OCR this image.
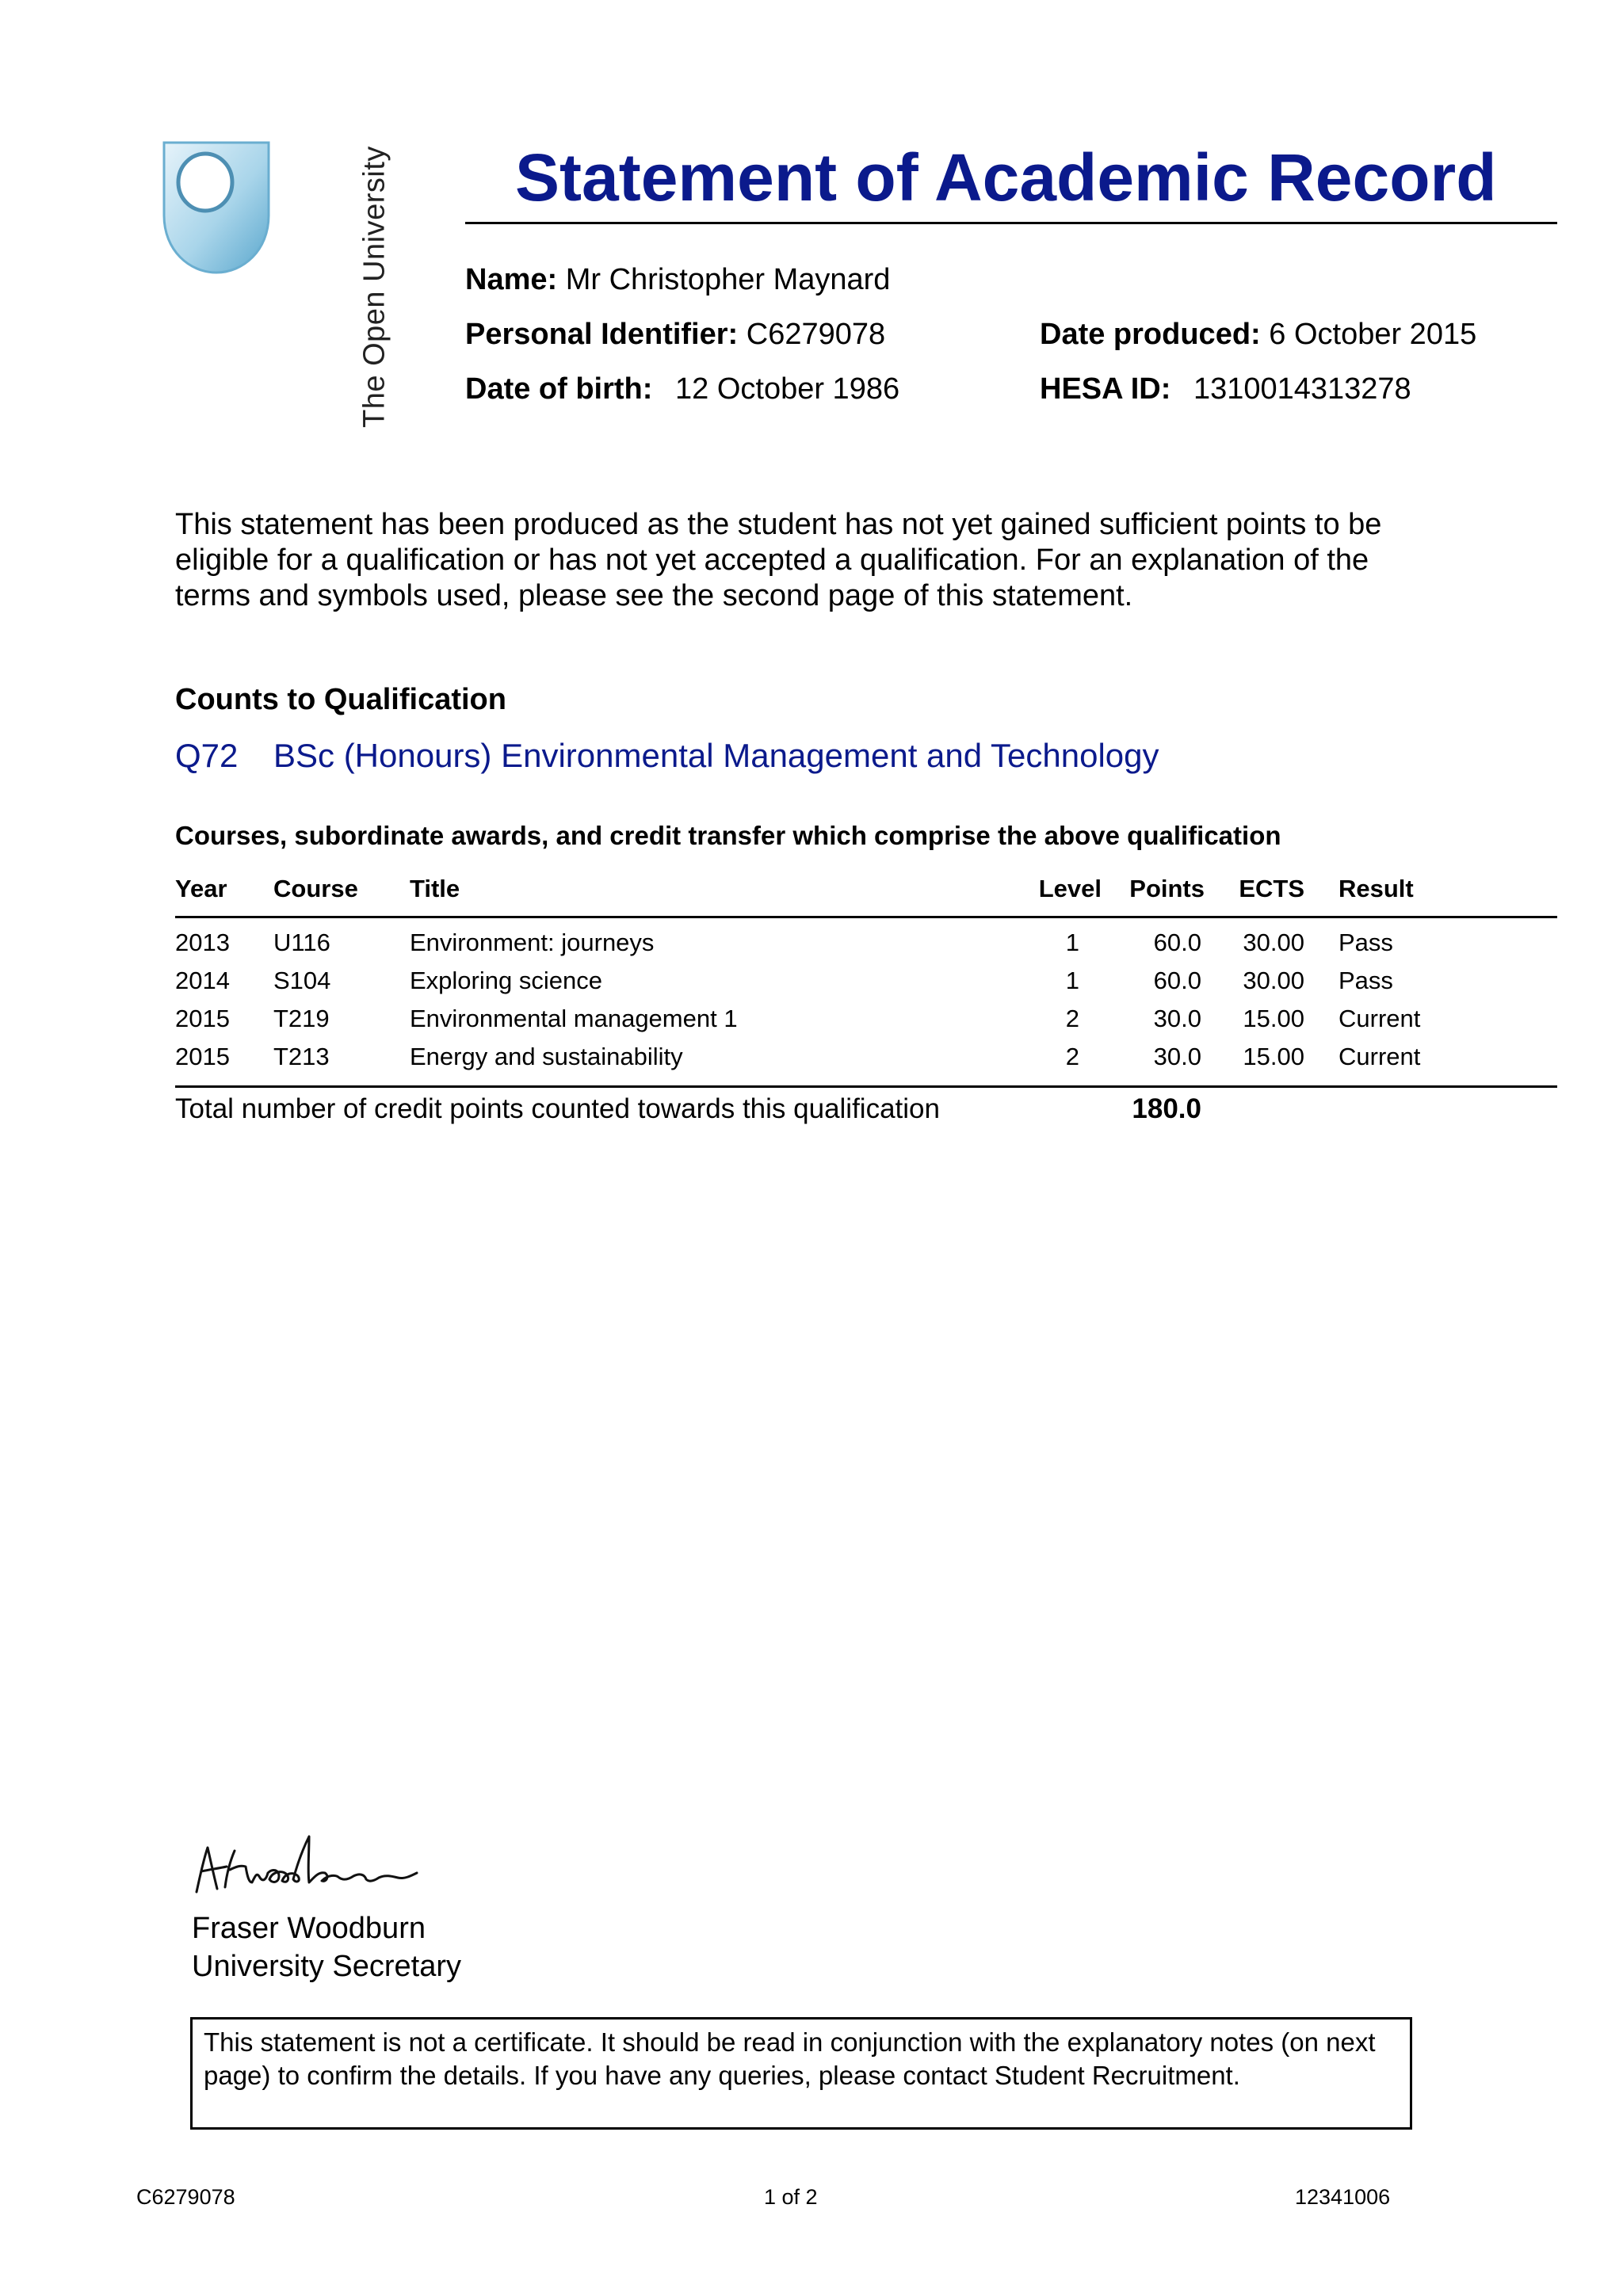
The Open University Statement of Academic Record
Name: Mr Christopher Maynard
Personal Identifier: C6279078	Date produced: 6 October 2015
Date of birth: 12 October 1986	HESA ID: 1310014313278
This statement has been produced as the student has not yet gained sufficient points to be eligible for a qualification or has not yet accepted a qualification. For an explanation of the terms and symbols used, please see the second page of this statement.
Counts to Qualification
Q72 BSc (Honours) Environmental Management and Technology
Courses, subordinate awards, and credit transfer which comprise the above qualification
Year Course Title	Level	Points	ECTS Result
2013 U116	Environment: journeys	1	60.0	30.00 Pass
2014 S104	Exploring science	1	60.0	30.00 Pass
2015 T219	Environmental management 1	2	30.0	15.00 Current
2015 T213	Energy and sustainability	2	30.0	15.00 Current
Total number of credit points counted towards this qualification	180.0
Fraser Woodburn
University Secretary

This statement is not a certificate. It should be read in conjunction with the explanatory notes (on next page) to confirm the details. If you have any queries, please contact Student Recruitment.

C6279078	1 of 2	12341006
